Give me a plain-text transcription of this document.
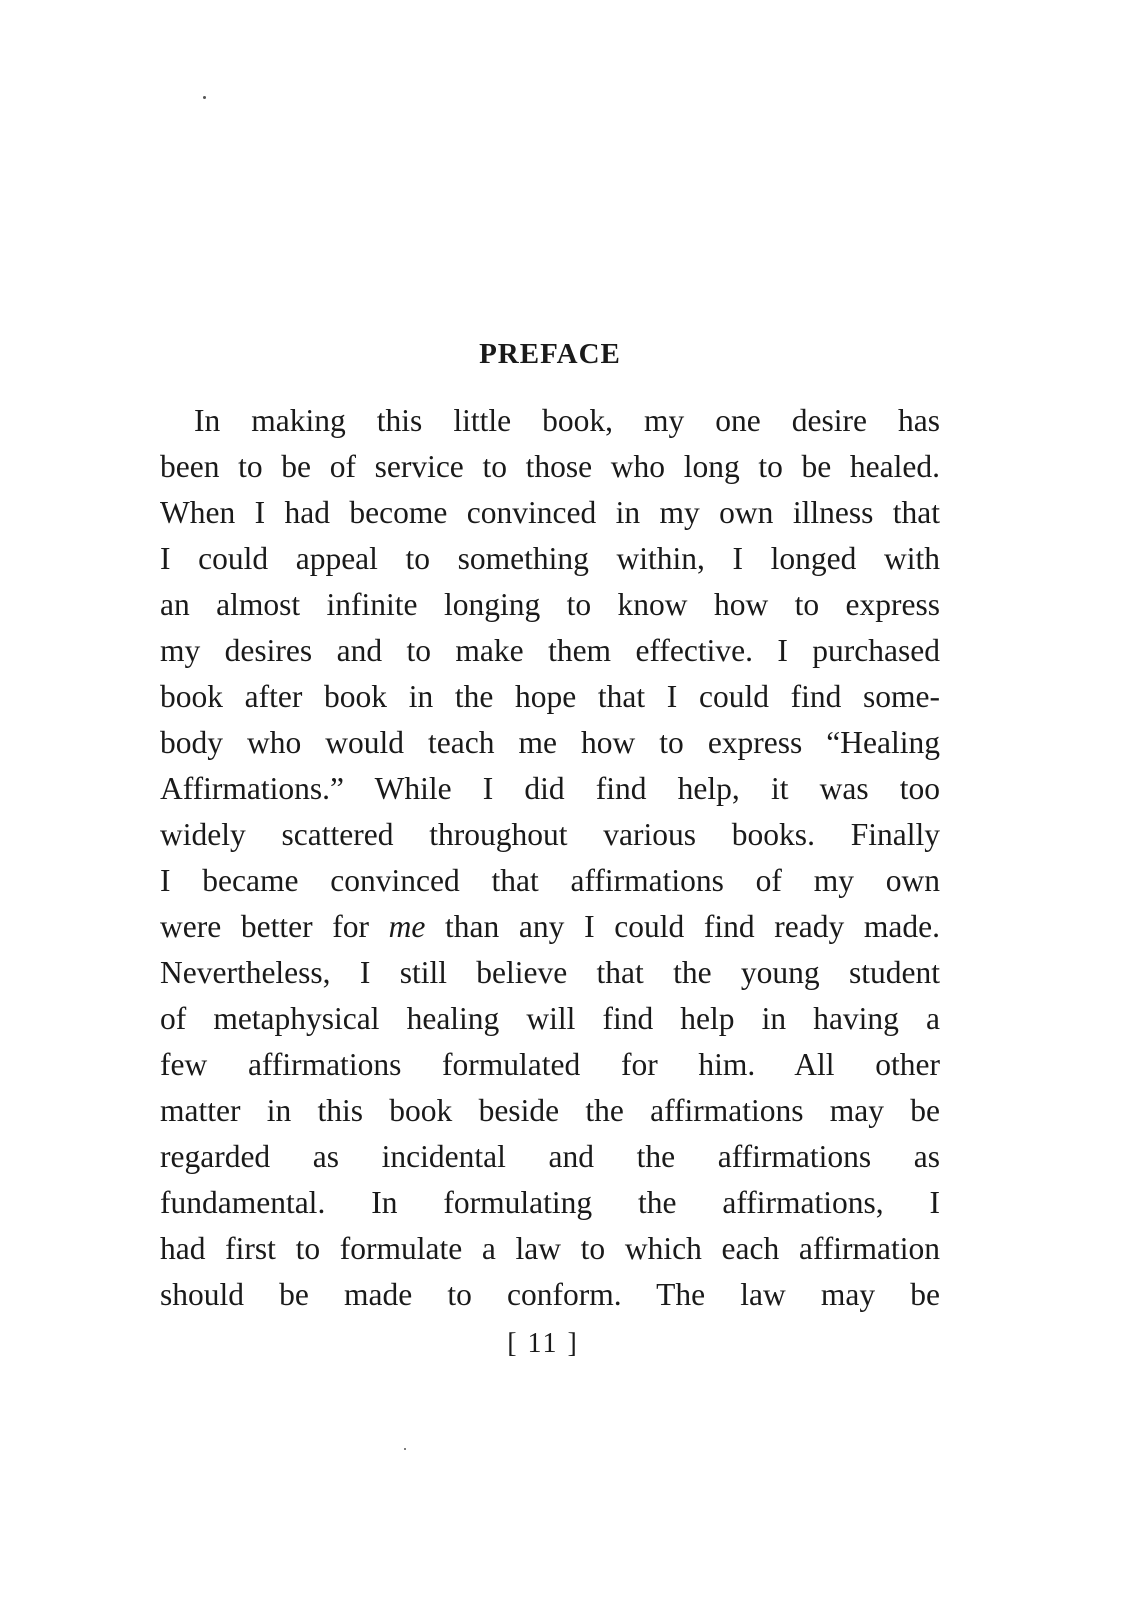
PREFACE
In making this little book, my one desire has
been to be of service to those who long to be healed.
When I had become convinced in my own illness that
I could appeal to something within, I longed with
an almost infinite longing to know how to express
my desires and to make them effective. I purchased
book after book in the hope that I could find some-
body who would teach me how to express “Healing
Affirmations.” While I did find help, it was too
widely scattered throughout various books. Finally
I became convinced that affirmations of my own
were better for me than any I could find ready made.
Nevertheless, I still believe that the young student
of metaphysical healing will find help in having a
few affirmations formulated for him. All other
matter in this book beside the affirmations may be
regarded as incidental and the affirmations as
fundamental. In formulating the affirmations, I
had first to formulate a law to which each affirmation
should be made to conform. The law may be
[ 11 ]
